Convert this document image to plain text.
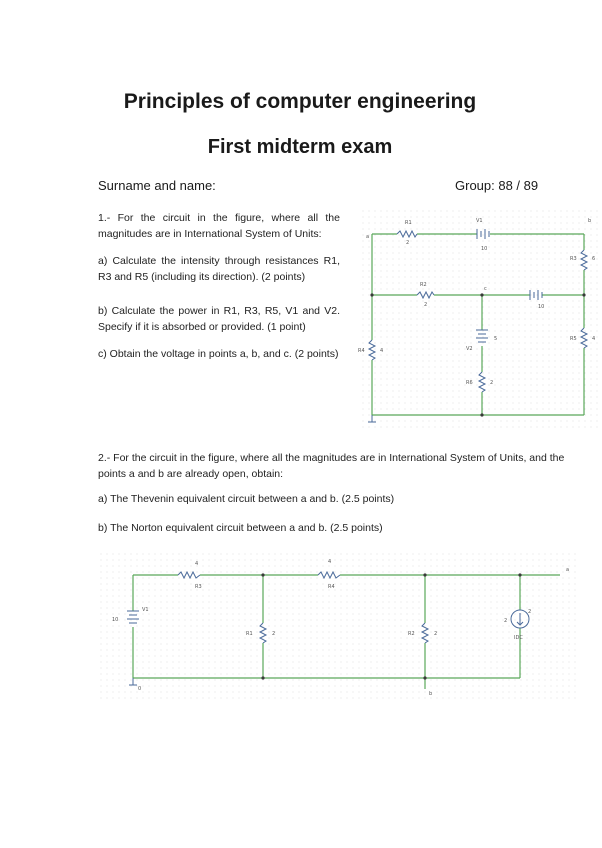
Principles of computer engineering
First midterm exam
Surname and name:	Group: 88 / 89
1.- For the circuit in the figure, where all the magnitudes are in International System of Units:
a) Calculate the intensity through resistances R1, R3 and R5 (including its direction). (2 points)
b) Calculate the power in R1, R3, R5, V1 and V2. Specify if it is absorbed or provided. (1 point)
c) Obtain the voltage in points a, b, and c. (2 points)
R1
2
V1
10
b
a
R3	6
R2
2
c
10
R5	4
R4	4	V2
5
R6	2
2.- For the circuit in the figure, where all the magnitudes are in International System of Units, and the points a and b are already open, obtain:
a) The Thevenin equivalent circuit between a and b. (2.5 points)
b) The Norton equivalent circuit between a and b. (2.5 points)
4
R3
4
R4
V1
10
R1	2	R2	2
2
2
IDC
a
b
0
